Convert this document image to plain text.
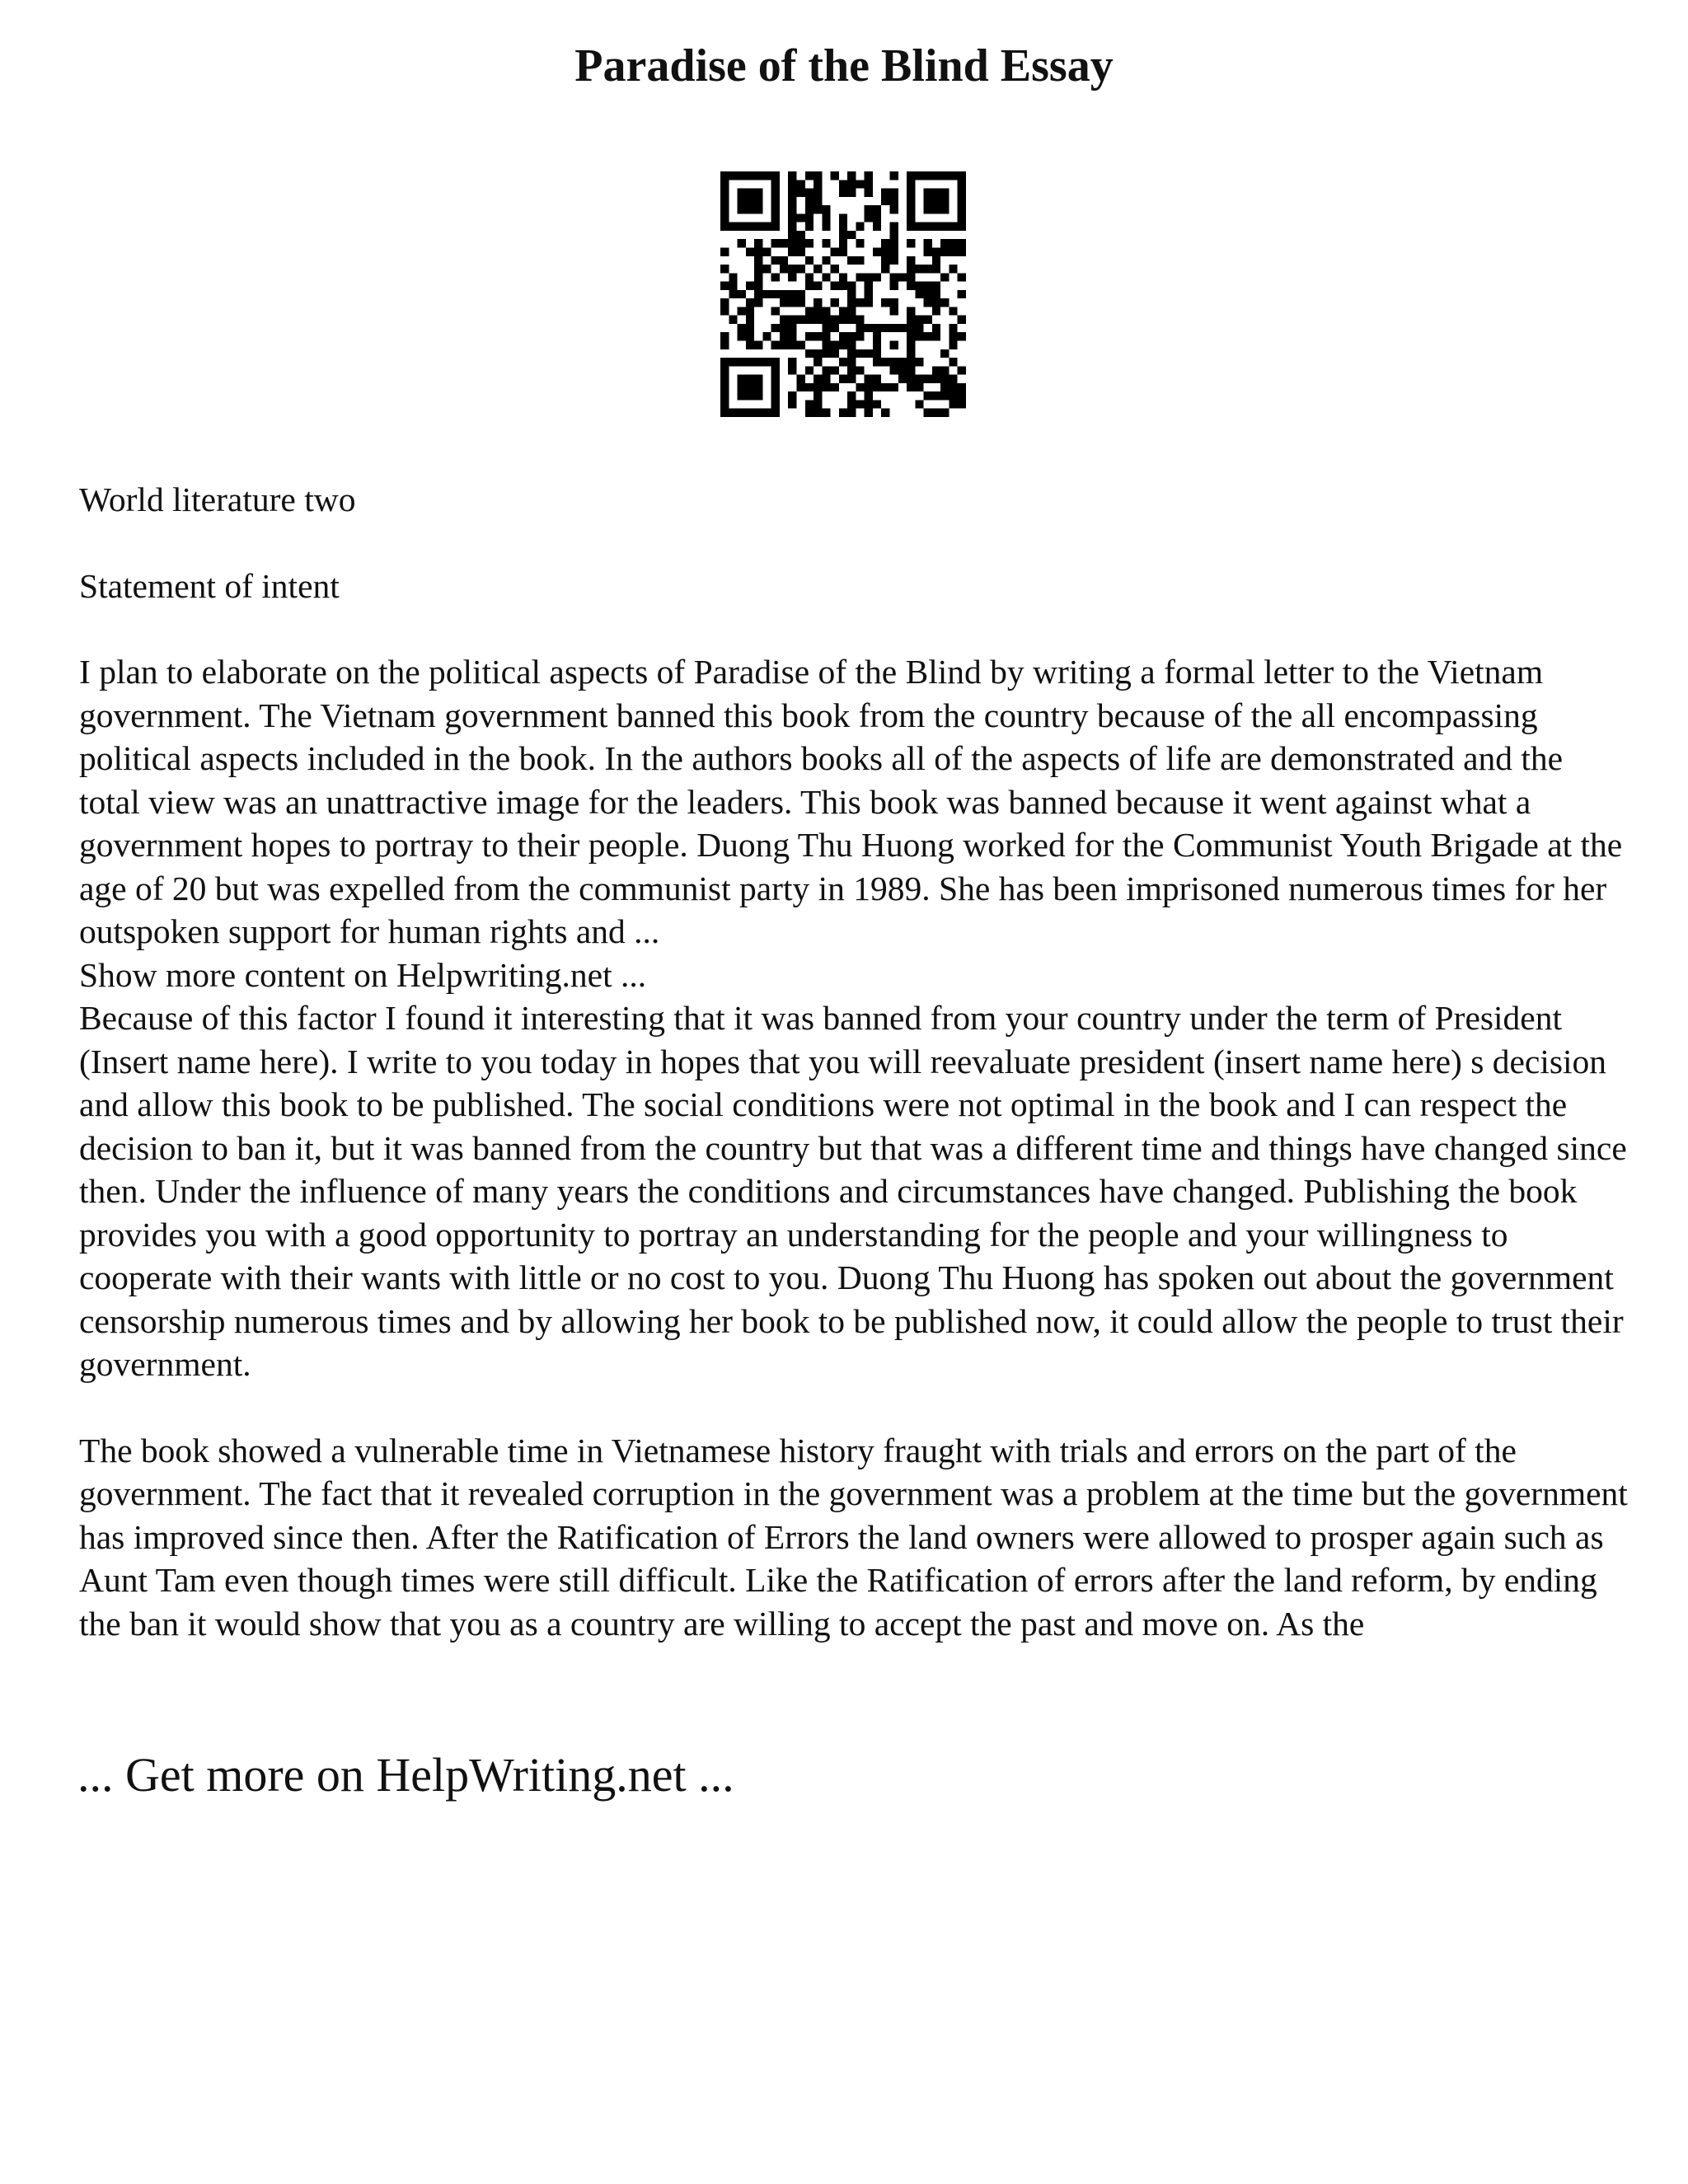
Paradise of the Blind Essay

World literature two

Statement of intent

I plan to elaborate on the political aspects of Paradise of the Blind by writing a formal letter to the Vietnam government. The Vietnam government banned this book from the country because of the all encompassing political aspects included in the book. In the authors books all of the aspects of life are demonstrated and the total view was an unattractive image for the leaders. This book was banned because it went against what a government hopes to portray to their people. Duong Thu Huong worked for the Communist Youth Brigade at the age of 20 but was expelled from the communist party in 1989. She has been imprisoned numerous times for her outspoken support for human rights and ...

Show more content on Helpwriting.net ...

Because of this factor I found it interesting that it was banned from your country under the term of President (Insert name here). I write to you today in hopes that you will reevaluate president (insert name here) s decision and allow this book to be published. The social conditions were not optimal in the book and I can respect the decision to ban it, but it was banned from the country but that was a different time and things have changed since then. Under the influence of many years the conditions and circumstances have changed. Publishing the book provides you with a good opportunity to portray an understanding for the people and your willingness to cooperate with their wants with little or no cost to you. Duong Thu Huong has spoken out about the government censorship numerous times and by allowing her book to be published now, it could allow the people to trust their government.

The book showed a vulnerable time in Vietnamese history fraught with trials and errors on the part of the government. The fact that it revealed corruption in the government was a problem at the time but the government has improved since then. After the Ratification of Errors the land owners were allowed to prosper again such as Aunt Tam even though times were still difficult. Like the Ratification of errors after the land reform, by ending the ban it would show that you as a country are willing to accept the past and move on. As the

... Get more on HelpWriting.net ...
